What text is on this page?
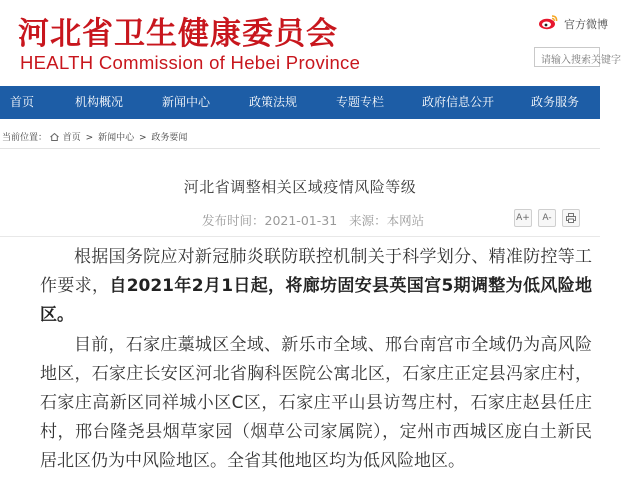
河北省卫生健康委员会
HEALTH Commission of Hebei Province
官方微博
请输入搜索关键字
首页	机构概况	新闻中心	政策法规	专题专栏	政府信息公开	政务服务
当前位置： 首页 > 新闻中心 > 政务要闻
河北省调整相关区域疫情风险等级
发布时间：2021-01-31 来源：本网站	A+	A-

根据国务院应对新冠肺炎联防联控机制关于科学划分、精准防控等工作要求，自2021年2月1日起，将廊坊固安县英国宫5期调整为低风险地区。

目前，石家庄藁城区全域、新乐市全域、邢台南宫市全域仍为高风险地区，石家庄长安区河北省胸科医院公寓北区，石家庄正定县冯家庄村，石家庄高新区同祥城小区C区，石家庄平山县访驾庄村，石家庄赵县任庄村，邢台隆尧县烟草家园（烟草公司家属院），定州市西城区庞白土新民居北区仍为中风险地区。全省其他地区均为低风险地区。
